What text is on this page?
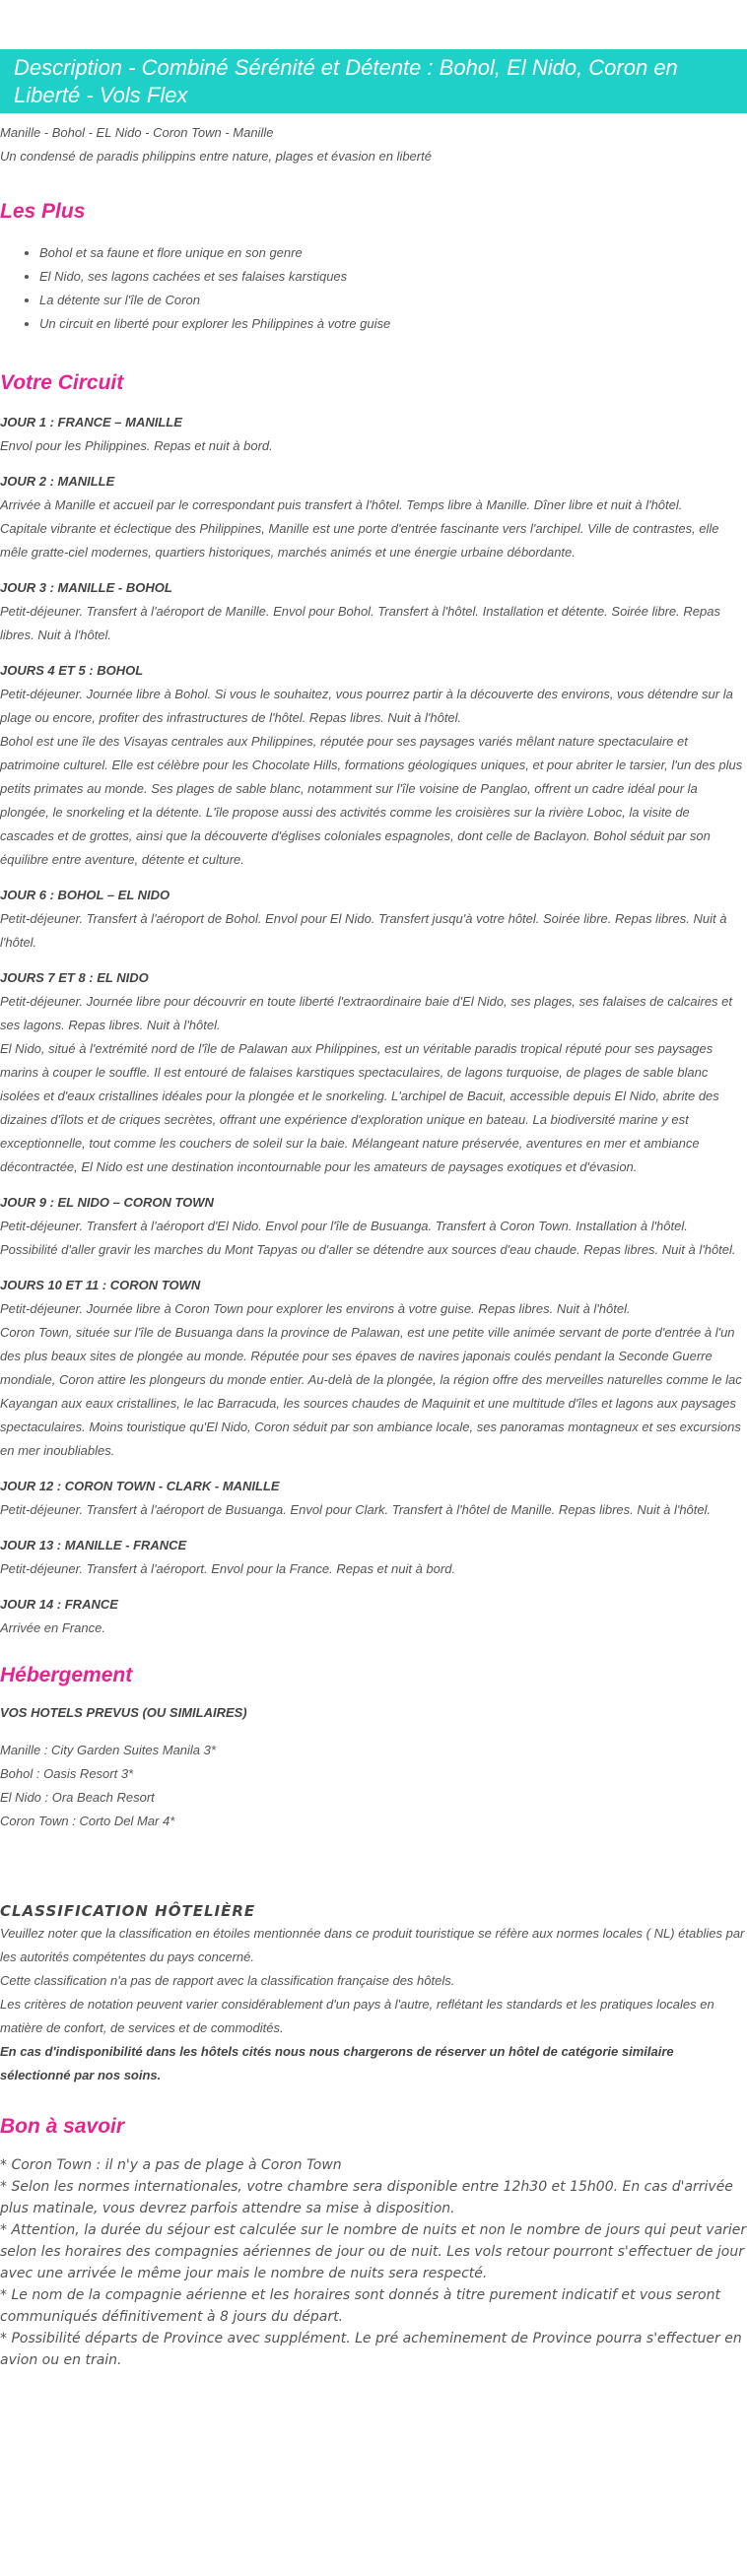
Description - Combiné Sérénité et Détente : Bohol, El Nido, Coron en Liberté - Vols Flex

Manille - Bohol - EL Nido - Coron Town - Manille

Un condensé de paradis philippins entre nature, plages et évasion en liberté

Les Plus
• Bohol et sa faune et flore unique en son genre
• El Nido, ses lagons cachées et ses falaises karstiques
• La détente sur l'île de Coron
• Un circuit en liberté pour explorer les Philippines à votre guise
Votre Circuit
JOUR 1 : FRANCE – MANILLE

Envol pour les Philippines. Repas et nuit à bord.

JOUR 2 : MANILLE

Arrivée à Manille et accueil par le correspondant puis transfert à l'hôtel. Temps libre à Manille. Dîner libre et nuit à l'hôtel.
Capitale vibrante et éclectique des Philippines, Manille est une porte d'entrée fascinante vers l'archipel. Ville de contrastes, elle mêle gratte-ciel modernes, quartiers historiques, marchés animés et une énergie urbaine débordante.

JOUR 3 : MANILLE - BOHOL

Petit-déjeuner. Transfert à l'aéroport de Manille. Envol pour Bohol. Transfert à l'hôtel. Installation et détente. Soirée libre. Repas libres. Nuit à l'hôtel.

JOURS 4 ET 5 : BOHOL

Petit-déjeuner. Journée libre à Bohol. Si vous le souhaitez, vous pourrez partir à la découverte des environs, vous détendre sur la plage ou encore, profiter des infrastructures de l'hôtel. Repas libres. Nuit à l'hôtel.
Bohol est une île des Visayas centrales aux Philippines, réputée pour ses paysages variés mêlant nature spectaculaire et patrimoine culturel. Elle est célèbre pour les Chocolate Hills, formations géologiques uniques, et pour abriter le tarsier, l'un des plus petits primates au monde. Ses plages de sable blanc, notamment sur l'île voisine de Panglao, offrent un cadre idéal pour la plongée, le snorkeling et la détente. L'île propose aussi des activités comme les croisières sur la rivière Loboc, la visite de cascades et de grottes, ainsi que la découverte d'églises coloniales espagnoles, dont celle de Baclayon. Bohol séduit par son équilibre entre aventure, détente et culture.

JOUR 6 : BOHOL – EL NIDO

Petit-déjeuner. Transfert à l'aéroport de Bohol. Envol pour El Nido. Transfert jusqu'à votre hôtel. Soirée libre. Repas libres. Nuit à l'hôtel.

JOURS 7 ET 8 : EL NIDO

Petit-déjeuner. Journée libre pour découvrir en toute liberté l'extraordinaire baie d'El Nido, ses plages, ses falaises de calcaires et ses lagons. Repas libres. Nuit à l'hôtel.
El Nido, situé à l'extrémité nord de l'île de Palawan aux Philippines, est un véritable paradis tropical réputé pour ses paysages marins à couper le souffle. Il est entouré de falaises karstiques spectaculaires, de lagons turquoise, de plages de sable blanc isolées et d'eaux cristallines idéales pour la plongée et le snorkeling. L'archipel de Bacuit, accessible depuis El Nido, abrite des dizaines d'îlots et de criques secrètes, offrant une expérience d'exploration unique en bateau. La biodiversité marine y est exceptionnelle, tout comme les couchers de soleil sur la baie. Mélangeant nature préservée, aventures en mer et ambiance décontractée, El Nido est une destination incontournable pour les amateurs de paysages exotiques et d'évasion.

JOUR 9 : EL NIDO – CORON TOWN

Petit-déjeuner. Transfert à l'aéroport d'El Nido. Envol pour l'île de Busuanga. Transfert à Coron Town. Installation à l'hôtel. Possibilité d'aller gravir les marches du Mont Tapyas ou d'aller se détendre aux sources d'eau chaude. Repas libres. Nuit à l'hôtel.

JOURS 10 ET 11 : CORON TOWN

Petit-déjeuner. Journée libre à Coron Town pour explorer les environs à votre guise. Repas libres. Nuit à l'hôtel.
Coron Town, située sur l'île de Busuanga dans la province de Palawan, est une petite ville animée servant de porte d'entrée à l'un des plus beaux sites de plongée au monde. Réputée pour ses épaves de navires japonais coulés pendant la Seconde Guerre mondiale, Coron attire les plongeurs du monde entier. Au-delà de la plongée, la région offre des merveilles naturelles comme le lac Kayangan aux eaux cristallines, le lac Barracuda, les sources chaudes de Maquinit et une multitude d'îles et lagons aux paysages spectaculaires. Moins touristique qu'El Nido, Coron séduit par son ambiance locale, ses panoramas montagneux et ses excursions en mer inoubliables.

JOUR 12 : CORON TOWN - CLARK - MANILLE

Petit-déjeuner. Transfert à l'aéroport de Busuanga. Envol pour Clark. Transfert à l'hôtel de Manille. Repas libres. Nuit à l'hôtel.

JOUR 13 : MANILLE - FRANCE

Petit-déjeuner. Transfert à l'aéroport. Envol pour la France. Repas et nuit à bord.

JOUR 14 : FRANCE

Arrivée en France.

Hébergement

VOS HOTELS PREVUS (OU SIMILAIRES)

Manille : City Garden Suites Manila 3*

Bohol : Oasis Resort 3*

El Nido : Ora Beach Resort

Coron Town : Corto Del Mar 4*

CLASSIFICATION HÔTELIÈRE

Veuillez noter que la classification en étoiles mentionnée dans ce produit touristique se réfère aux normes locales ( NL) établies par les autorités compétentes du pays concerné.

Cette classification n'a pas de rapport avec la classification française des hôtels.

Les critères de notation peuvent varier considérablement d'un pays à l'autre, reflétant les standards et les pratiques locales en matière de confort, de services et de commodités.

En cas d'indisponibilité dans les hôtels cités nous nous chargerons de réserver un hôtel de catégorie similaire sélectionné par nos soins.

Bon à savoir

* Coron Town : il n'y a pas de plage à Coron Town

* Selon les normes internationales, votre chambre sera disponible entre 12h30 et 15h00. En cas d'arrivée plus matinale, vous devrez parfois attendre sa mise à disposition.

* Attention, la durée du séjour est calculée sur le nombre de nuits et non le nombre de jours qui peut varier selon les horaires des compagnies aériennes de jour ou de nuit. Les vols retour pourront s'effectuer de jour avec une arrivée le même jour mais le nombre de nuits sera respecté.

* Le nom de la compagnie aérienne et les horaires sont donnés à titre purement indicatif et vous seront communiqués définitivement à 8 jours du départ.

* Possibilité départs de Province avec supplément. Le pré acheminement de Province pourra s'effectuer en avion ou en train.
